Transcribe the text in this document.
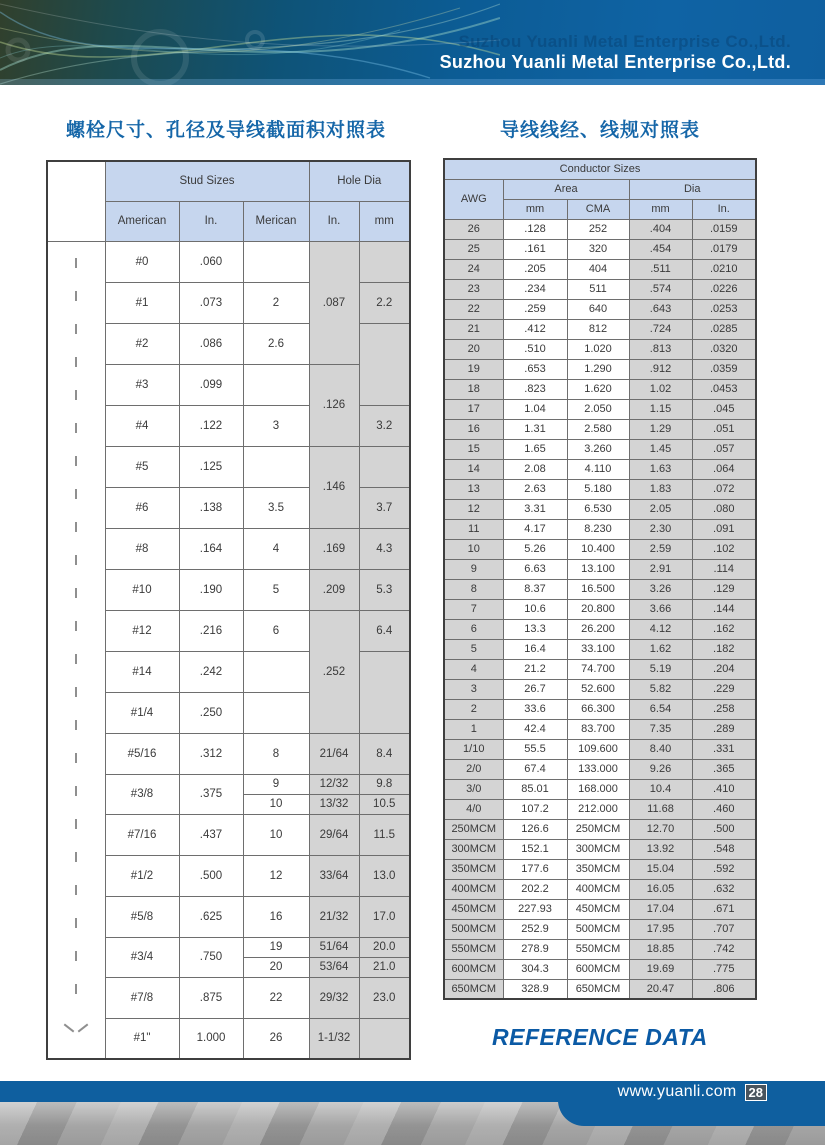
Suzhou Yuanli Metal Enterprise Co.,Ltd.
Suzhou Yuanli Metal Enterprise Co.,Ltd.
螺栓尺寸、孔径及导线截面积对照表	导线线经、线规对照表
	Stud Sizes			Hole Dia	
	American	In.	Merican	In.	mm

	#0	.060		.087	
	#1	.073	2		2.2
	#2	.086	2.6		
	#3	.099		.126	
	#4	.122	3		3.2
	#5	.125		.146	
	#6	.138	3.5		3.7
	#8	.164	4	.169	4.3
	#10	.190	5	.209	5.3
	#12	.216	6	.252	6.4
	#14	.242			
	#1/4	.250			
	#5/16	.312	8	21/64	8.4
	#3/8	.375	9	12/32	9.8
			10	13/32	10.5
	#7/16	.437	10	29/64	11.5
	#1/2	.500	12	33/64	13.0
	#5/8	.625	16	21/32	17.0
	#3/4	.750	19	51/64	20.0
			20	53/64	21.0
	#7/8	.875	22	29/32	23.0
	#1"	1.000	26	1-1/32	
Conductor Sizes				
AWG	Area		Dia	
	mm	CMA	mm	In.
26	.128	252	.404	.0159
25	.161	320	.454	.0179
24	.205	404	.511	.0210
23	.234	511	.574	.0226
22	.259	640	.643	.0253
21	.412	812	.724	.0285
20	.510	1.020	.813	.0320
19	.653	1.290	.912	.0359
18	.823	1.620	1.02	.0453
17	1.04	2.050	1.15	.045
16	1.31	2.580	1.29	.051
15	1.65	3.260	1.45	.057
14	2.08	4.110	1.63	.064
13	2.63	5.180	1.83	.072
12	3.31	6.530	2.05	.080
11	4.17	8.230	2.30	.091
10	5.26	10.400	2.59	.102
9	6.63	13.100	2.91	.114
8	8.37	16.500	3.26	.129
7	10.6	20.800	3.66	.144
6	13.3	26.200	4.12	.162
5	16.4	33.100	1.62	.182
4	21.2	74.700	5.19	.204
3	26.7	52.600	5.82	.229
2	33.6	66.300	6.54	.258
1	42.4	83.700	7.35	.289
1/10	55.5	109.600	8.40	.331
2/0	67.4	133.000	9.26	.365
3/0	85.01	168.000	10.4	.410
4/0	107.2	212.000	11.68	.460
250MCM	126.6	250MCM	12.70	.500
300MCM	152.1	300MCM	13.92	.548
350MCM	177.6	350MCM	15.04	.592
400MCM	202.2	400MCM	16.05	.632
450MCM	227.93	450MCM	17.04	.671
500MCM	252.9	500MCM	17.95	.707
550MCM	278.9	550MCM	18.85	.742
600MCM	304.3	600MCM	19.69	.775
650MCM	328.9	650MCM	20.47	.806
REFERENCE DATA
www.yuanli.com 28
